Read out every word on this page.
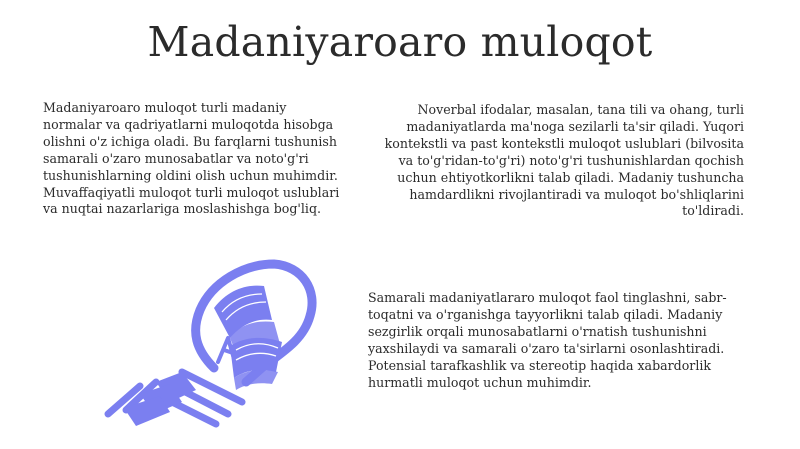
Madaniyaroaro muloqot

Madaniyaroaro muloqot turli madaniy normalar va qadriyatlarni muloqotda hisobga olishni o'z ichiga oladi. Bu farqlarni tushunish samarali o'zaro munosabatlar va noto'g'ri tushunishlarning oldini olish uchun muhimdir. Muvaffaqiyatli muloqot turli muloqot uslublari va nuqtai nazarlariga moslashishga bog'liq.

Noverbal ifodalar, masalan, tana tili va ohang, turli madaniyatlarda ma'noga sezilarli ta'sir qiladi. Yuqori kontekstli va past kontekstli muloqot uslublari (bilvosita va to'g'ridan-to'g'ri) noto'g'ri tushunishlardan qochish uchun ehtiyotkorlikni talab qiladi. Madaniy tushuncha hamdardlikni rivojlantiradi va muloqot bo'shliqlarini to'ldiradi.

Samarali madaniyatlararo muloqot faol tinglashni, sabr-toqatni va o'rganishga tayyorlikni talab qiladi. Madaniy sezgirlik orqali munosabatlarni o'rnatish tushunishni yaxshilaydi va samarali o'zaro ta'sirlarni osonlashtiradi. Potensial tarafkashlik va stereotip haqida xabardorlik hurmatli muloqot uchun muhimdir.
